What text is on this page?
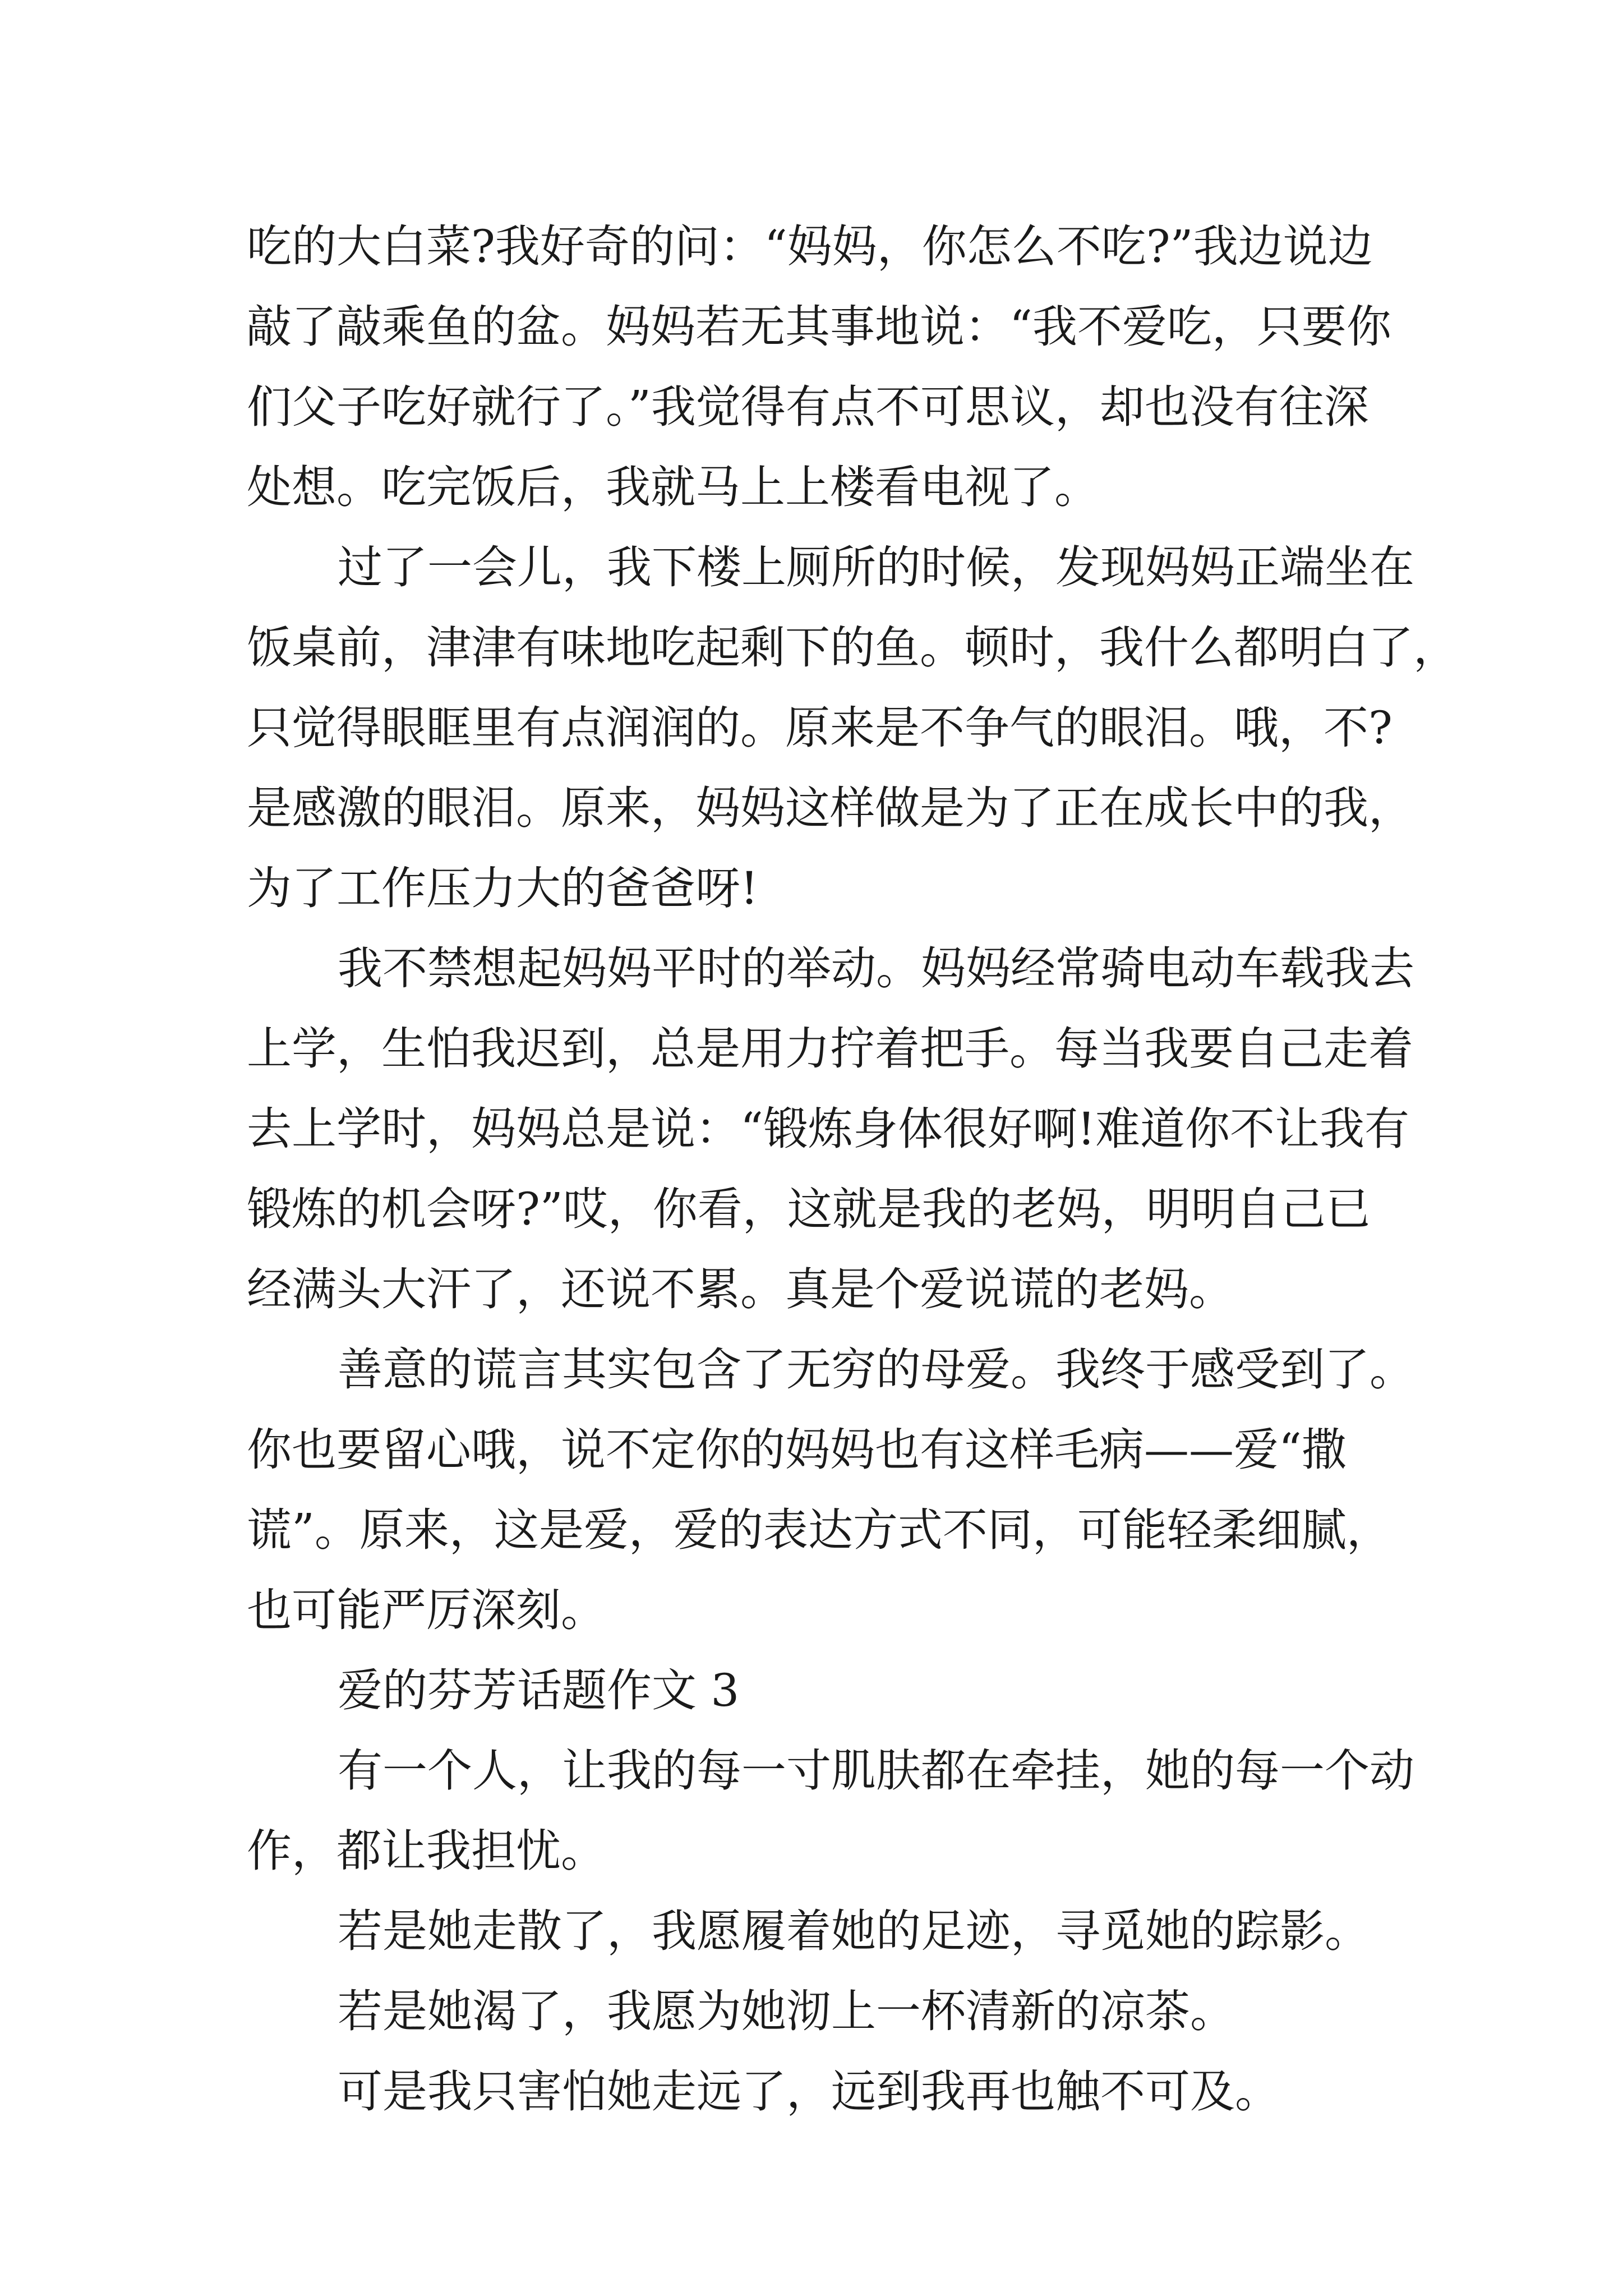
吃的大白菜?我好奇的问：“妈妈，你怎么不吃?”我边说边
敲了敲乘鱼的盆。妈妈若无其事地说：“我不爱吃，只要你
们父子吃好就行了。”我觉得有点不可思议，却也没有往深
处想。吃完饭后，我就马上上楼看电视了。
过了一会儿，我下楼上厕所的时候，发现妈妈正端坐在
饭桌前，津津有味地吃起剩下的鱼。顿时，我什么都明白了，
只觉得眼眶里有点润润的。原来是不争气的眼泪。哦，不?
是感激的眼泪。原来，妈妈这样做是为了正在成长中的我，
为了工作压力大的爸爸呀!
我不禁想起妈妈平时的举动。妈妈经常骑电动车载我去
上学，生怕我迟到，总是用力拧着把手。每当我要自己走着
去上学时，妈妈总是说：“锻炼身体很好啊!难道你不让我有
锻炼的机会呀?”哎，你看，这就是我的老妈，明明自己已
经满头大汗了，还说不累。真是个爱说谎的老妈。
善意的谎言其实包含了无穷的母爱。我终于感受到了。
你也要留心哦，说不定你的妈妈也有这样毛病——爱“撒
谎”。原来，这是爱，爱的表达方式不同，可能轻柔细腻，
也可能严厉深刻。
爱的芬芳话题作文 3
有一个人，让我的每一寸肌肤都在牵挂，她的每一个动
作，都让我担忧。
若是她走散了，我愿履着她的足迹，寻觅她的踪影。
若是她渴了，我愿为她沏上一杯清新的凉茶。
可是我只害怕她走远了，远到我再也触不可及。
